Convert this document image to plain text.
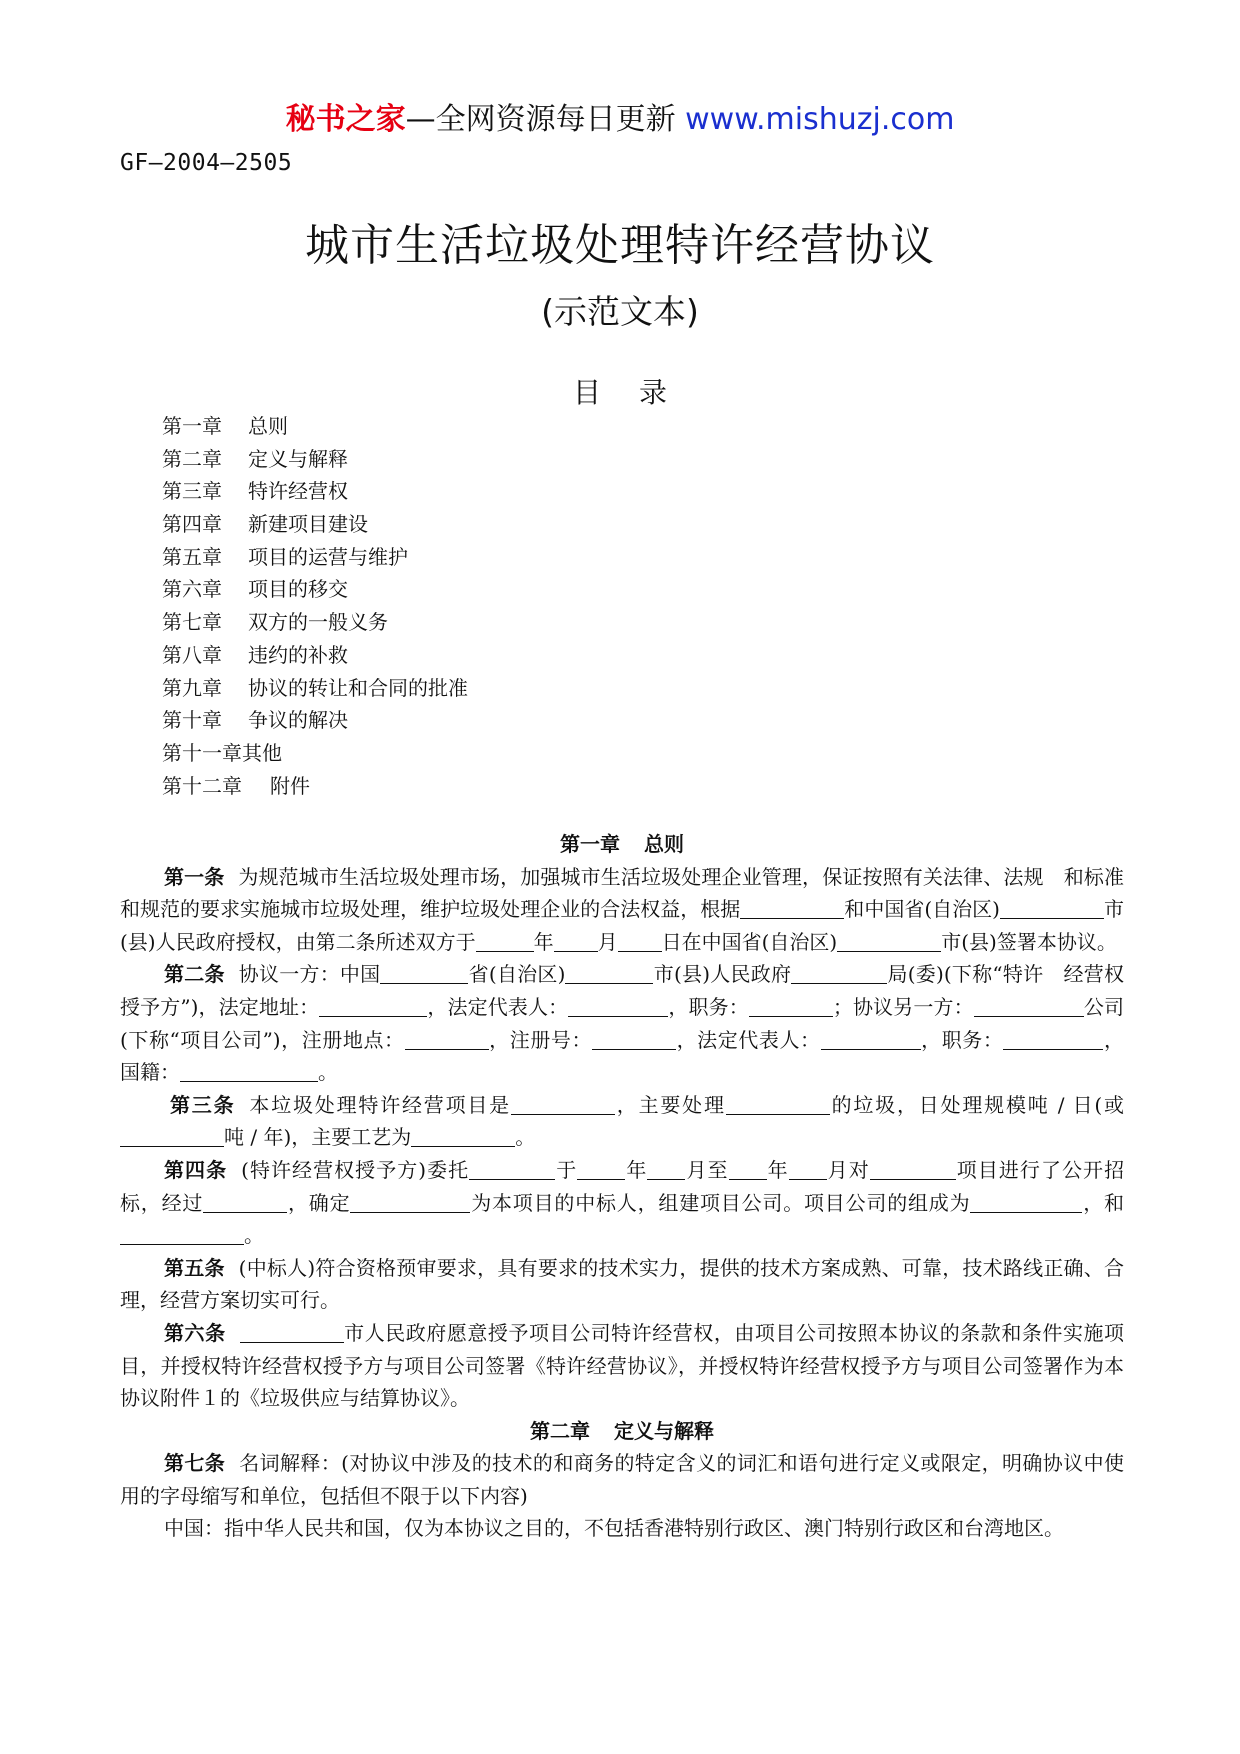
秘书之家—全网资源每日更新 www.mishuzj.com
GF—2004—2505
城市生活垃圾处理特许经营协议
(示范文本)
目录
第一章 总则
第二章 定义与解释
第三章 特许经营权
第四章 新建项目建设
第五章 项目的运营与维护
第六章 项目的移交
第七章 双方的一般义务
第八章 违约的补救
第九章 协议的转让和合同的批准
第十章 争议的解决
第十一章其他
第十二章 附件

第一章 总则

第一条 为规范城市生活垃圾处理市场，加强城市生活垃圾处理企业管理，保证按照有关法律、法规　和标准和规范的要求实施城市垃圾处理，维护垃圾处理企业的合法权益，根据	和中国省(自治区)	市(县)人民政府授权，由第二条所述双方于	年 月 日在中国省(自治区)	市(县)签署本协议。

第二条 协议一方：中国	省(自治区)	市(县)人民政府	局(委)(下称“特许　经营权授予方”)，法定地址：	，法定代表人：	，职务：	；协议另一方：	公司(下称“项目公司”)，注册地点：	，注册号：	，法定代表人：	，职务：	，国籍：	。

第三条 本垃圾处理特许经营项目是	，主要处理	的垃圾，日处理规模吨 / 日(或吨 / 年)，主要工艺为	。

第四条 (特许经营权授予方)委托	于 年 月至 年 月对	项目进行了公开招标，经过	，确定	为本项目的中标人，组建项目公司。项目公司的组成为	，和。

第五条 (中标人)符合资格预审要求，具有要求的技术实力，提供的技术方案成熟、可靠，技术路线正确、合理，经营方案切实可行。

第六条	市人民政府愿意授予项目公司特许经营权，由项目公司按照本协议的条款和条件实施项目，并授权特许经营权授予方与项目公司签署《特许经营协议》，并授权特许经营权授予方与项目公司签署作为本协议附件１的《垃圾供应与结算协议》。

第二章 定义与解释

第七条 名词解释：(对协议中涉及的技术的和商务的特定含义的词汇和语句进行定义或限定，明确协议中使用的字母缩写和单位，包括但不限于以下内容)

中国：指中华人民共和国，仅为本协议之目的，不包括香港特别行政区、澳门特别行政区和台湾地区。
